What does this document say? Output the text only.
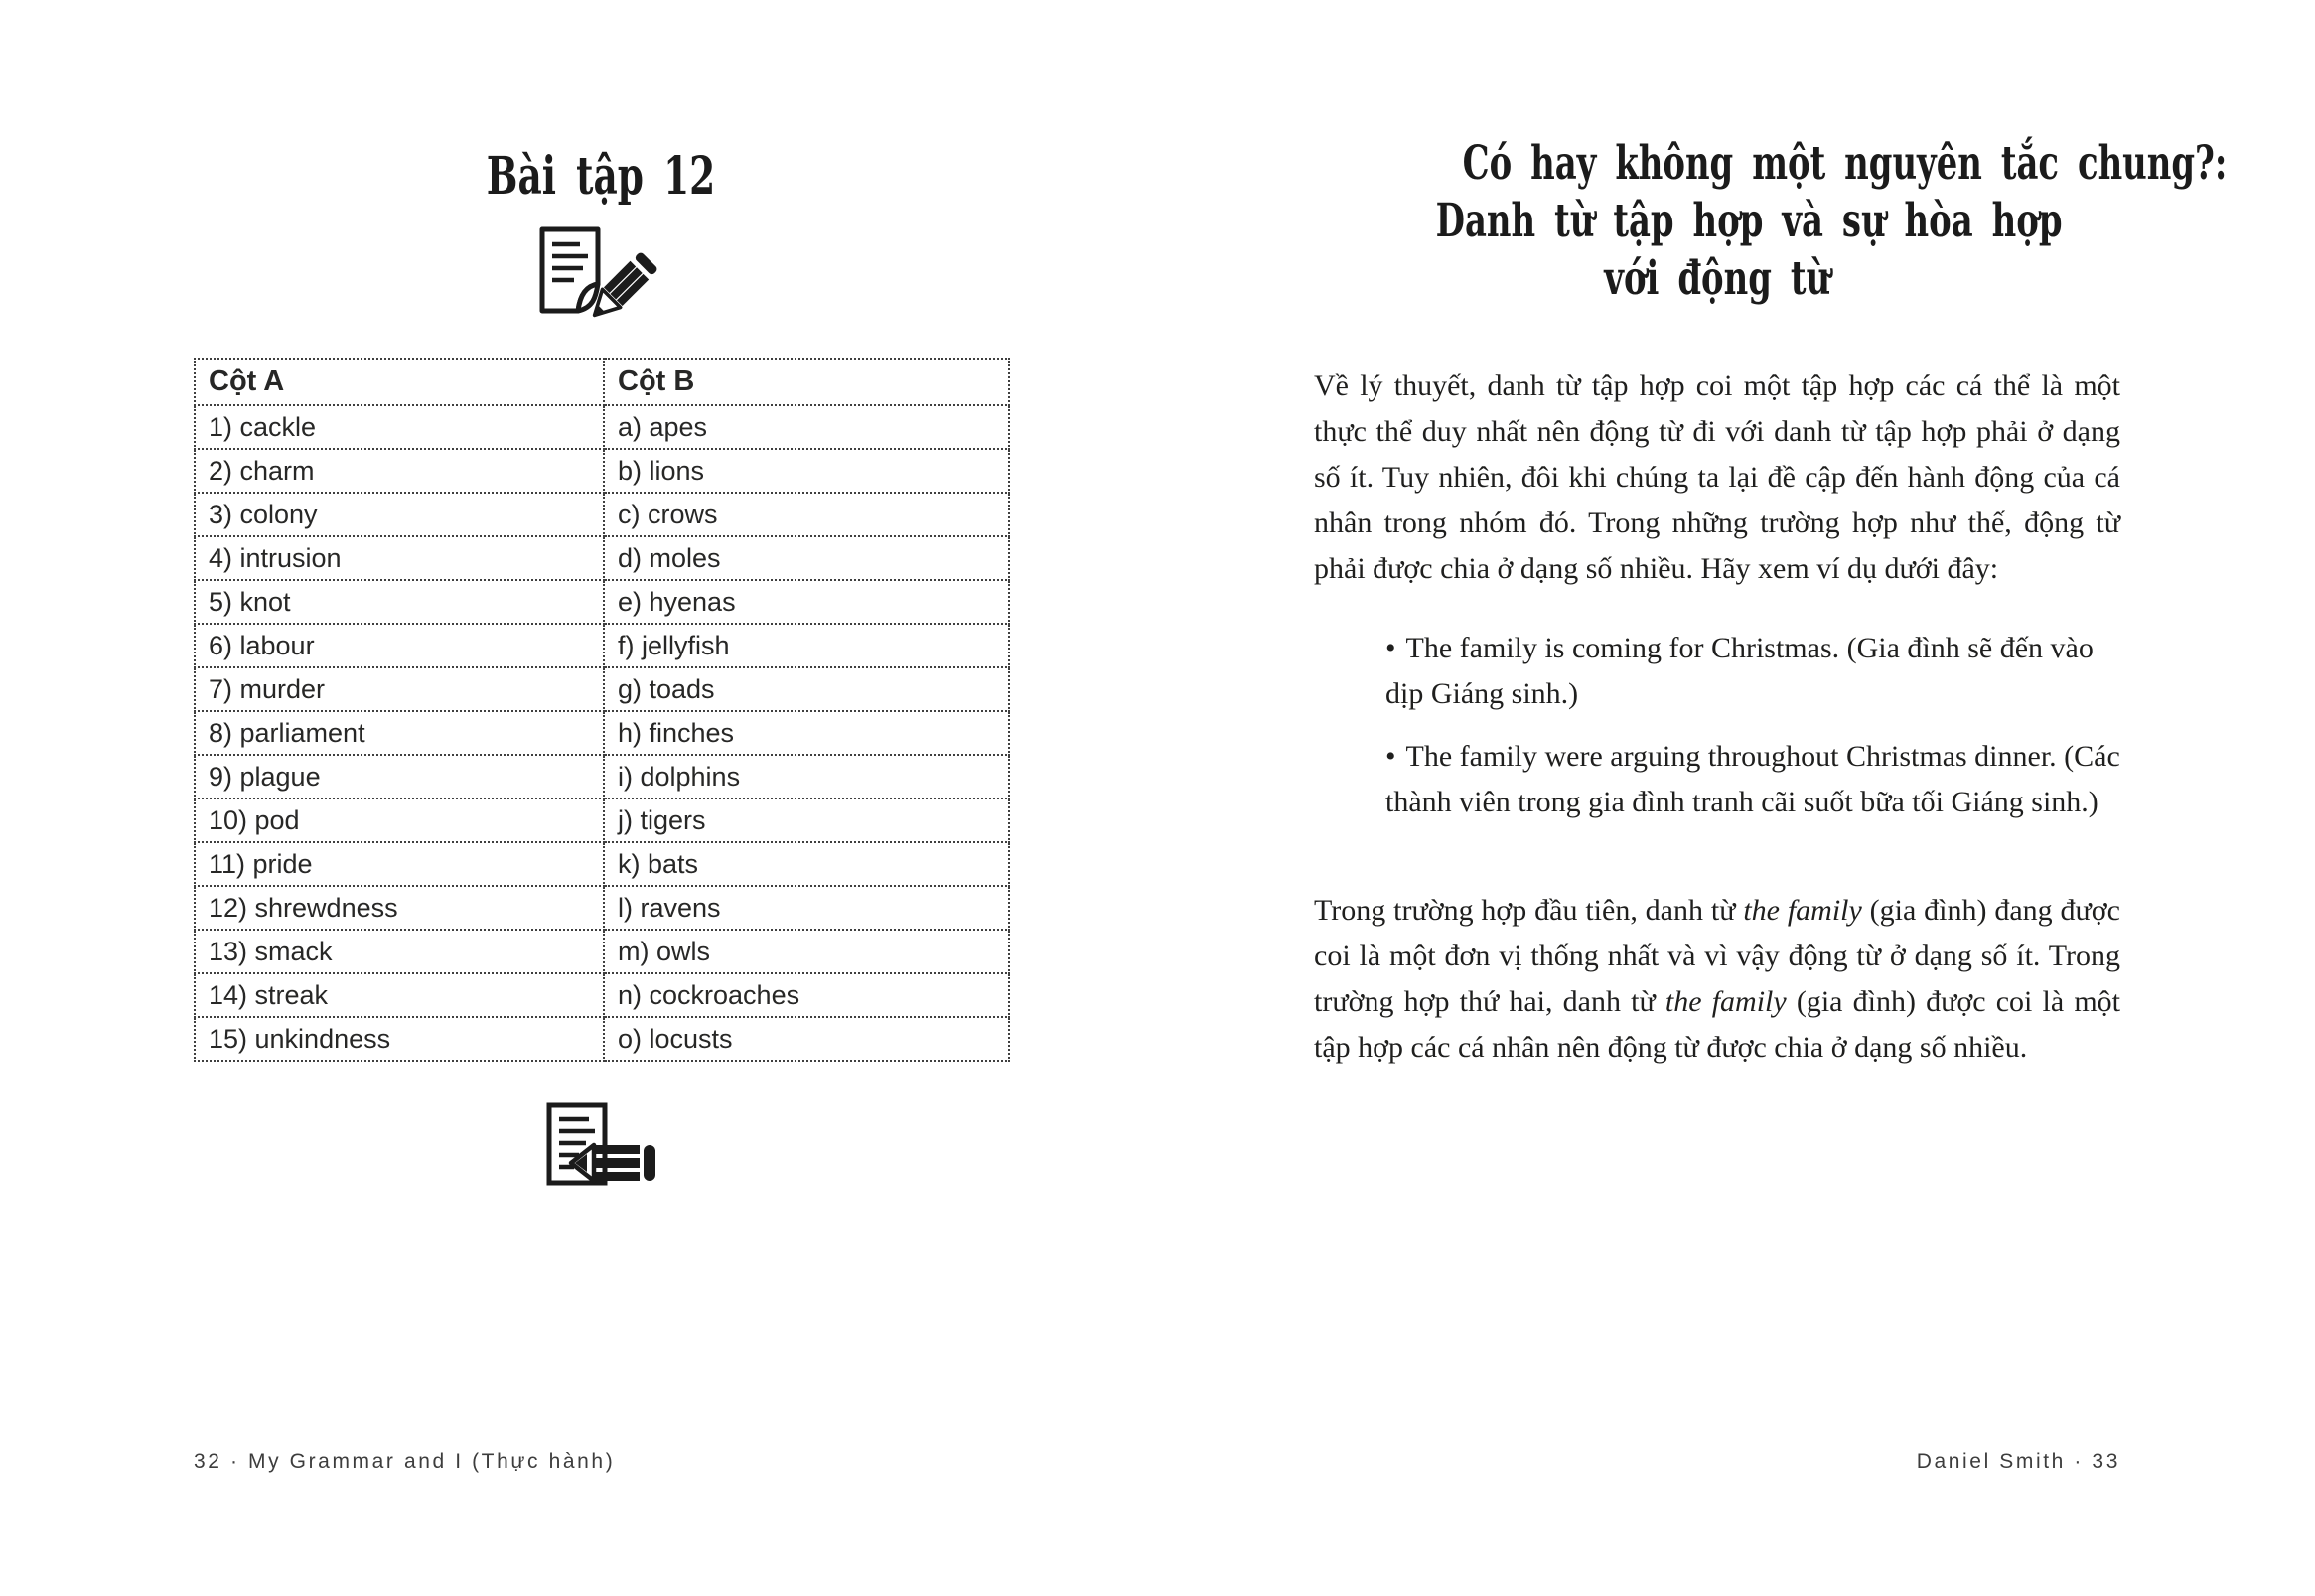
Bài tập 12
Cột A	Cột B
1) cackle	a) apes
2) charm	b) lions
3) colony	c) crows
4) intrusion	d) moles
5) knot	e) hyenas
6) labour	f) jellyfish
7) murder	g) toads
8) parliament	h) finches
9) plague	i) dolphins
10) pod	j) tigers
11) pride	k) bats
12) shrewdness	l) ravens
13) smack	m) owls
14) streak	n) cockroaches
15) unkindness	o) locusts
32 · My Grammar and I (Thực hành)
Có hay không một nguyên tắc chung?:
Danh từ tập hợp và sự hòa hợp
với động từ

Về lý thuyết, danh từ tập hợp coi một tập hợp các cá thể là một thực thể duy nhất nên động từ đi với danh từ tập hợp phải ở dạng số ít. Tuy nhiên, đôi khi chúng ta lại đề cập đến hành động của cá nhân trong nhóm đó. Trong những trường hợp như thế, động từ phải được chia ở dạng số nhiều. Hãy xem ví dụ dưới đây:

• The family is coming for Christmas. (Gia đình sẽ đến vào dịp Giáng sinh.)
• The family were arguing throughout Christmas dinner. (Các thành viên trong gia đình tranh cãi suốt bữa tối Giáng sinh.)

Trong trường hợp đầu tiên, danh từ the family (gia đình) đang được coi là một đơn vị thống nhất và vì vậy động từ ở dạng số ít. Trong trường hợp thứ hai, danh từ the family (gia đình) được coi là một tập hợp các cá nhân nên động từ được chia ở dạng số nhiều.

Daniel Smith · 33
